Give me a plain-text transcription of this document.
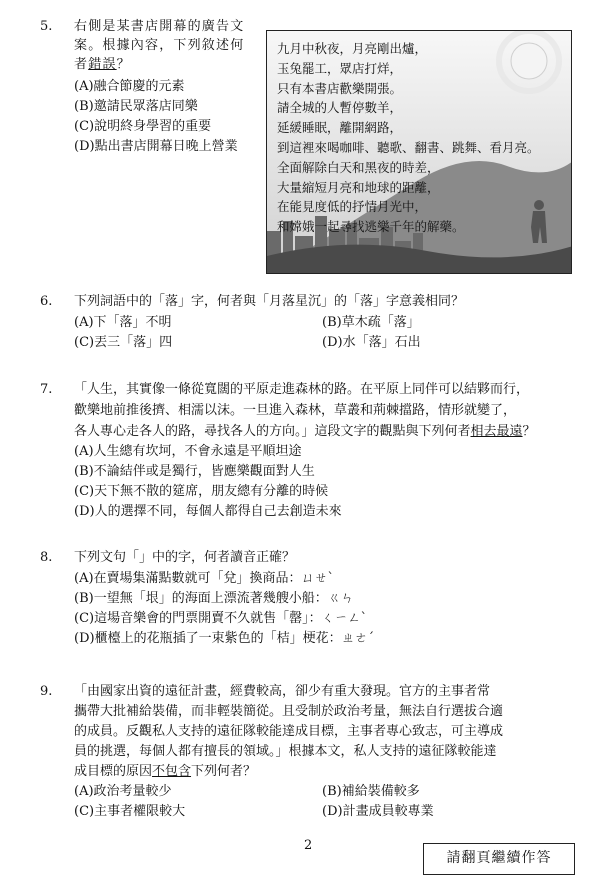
5. 右側是某書店開幕的廣告文
案。根據內容，下列敘述何
者錯誤？
(A)融合節慶的元素
(B)邀請民眾落店同樂
(C)說明終身學習的重要
(D)點出書店開幕日晚上營業
九月中秋夜，月亮剛出爐，
玉兔罷工，眾店打烊，
只有本書店歡樂開張。
請全城的人暫停數羊，
延緩睡眠，離開網路，
到這裡來喝咖啡、聽歌、翻書、跳舞、看月亮。
全面解除白天和黑夜的時差，
大量縮短月亮和地球的距離，
在能見度低的抒情月光中，
和嫦娥一起尋找逃樂千年的解藥。
6. 下列詞語中的「落」字，何者與「月落星沉」的「落」字意義相同？
(A)下「落」不明	(B)草木疏「落」
(C)丟三「落」四	(D)水「落」石出
7. 「人生，其實像一條從寬闊的平原走進森林的路。在平原上同伴可以結夥而行，
歡樂地前推後擠、相濡以沫。一旦進入森林，草叢和荊棘擋路，情形就變了，
各人專心走各人的路，尋找各人的方向。」這段文字的觀點與下列何者相去最遠？
(A)人生總有坎坷，不會永遠是平順坦途
(B)不論結伴或是獨行，皆應樂觀面對人生
(C)天下無不散的筵席，朋友總有分離的時候
(D)人的選擇不同，每個人都得自己去創造未來
8. 下列文句「」中的字，何者讀音正確？
(A)在賣場集滿點數就可「兌」換商品：ㄩㄝˋ
(B)一望無「垠」的海面上漂流著幾艘小船：ㄍㄣ
(C)這場音樂會的門票開賣不久就售「罄」：ㄑㄧㄥˋ
(D)櫃檯上的花瓶插了一束紫色的「桔」梗花：ㄓㄜˊ
9. 「由國家出資的遠征計畫，經費較高，卻少有重大發現。官方的主事者常
攜帶大批補給裝備，而非輕裝簡從。且受制於政治考量，無法自行選拔合適
的成員。反觀私人支持的遠征隊較能達成目標，主事者專心致志，可主導成
員的挑選，每個人都有擅長的領域。」根據本文，私人支持的遠征隊較能達
成目標的原因不包含下列何者？
(A)政治考量較少	(B)補給裝備較多
(C)主事者權限較大	(D)計畫成員較專業
2
請翻頁繼續作答
